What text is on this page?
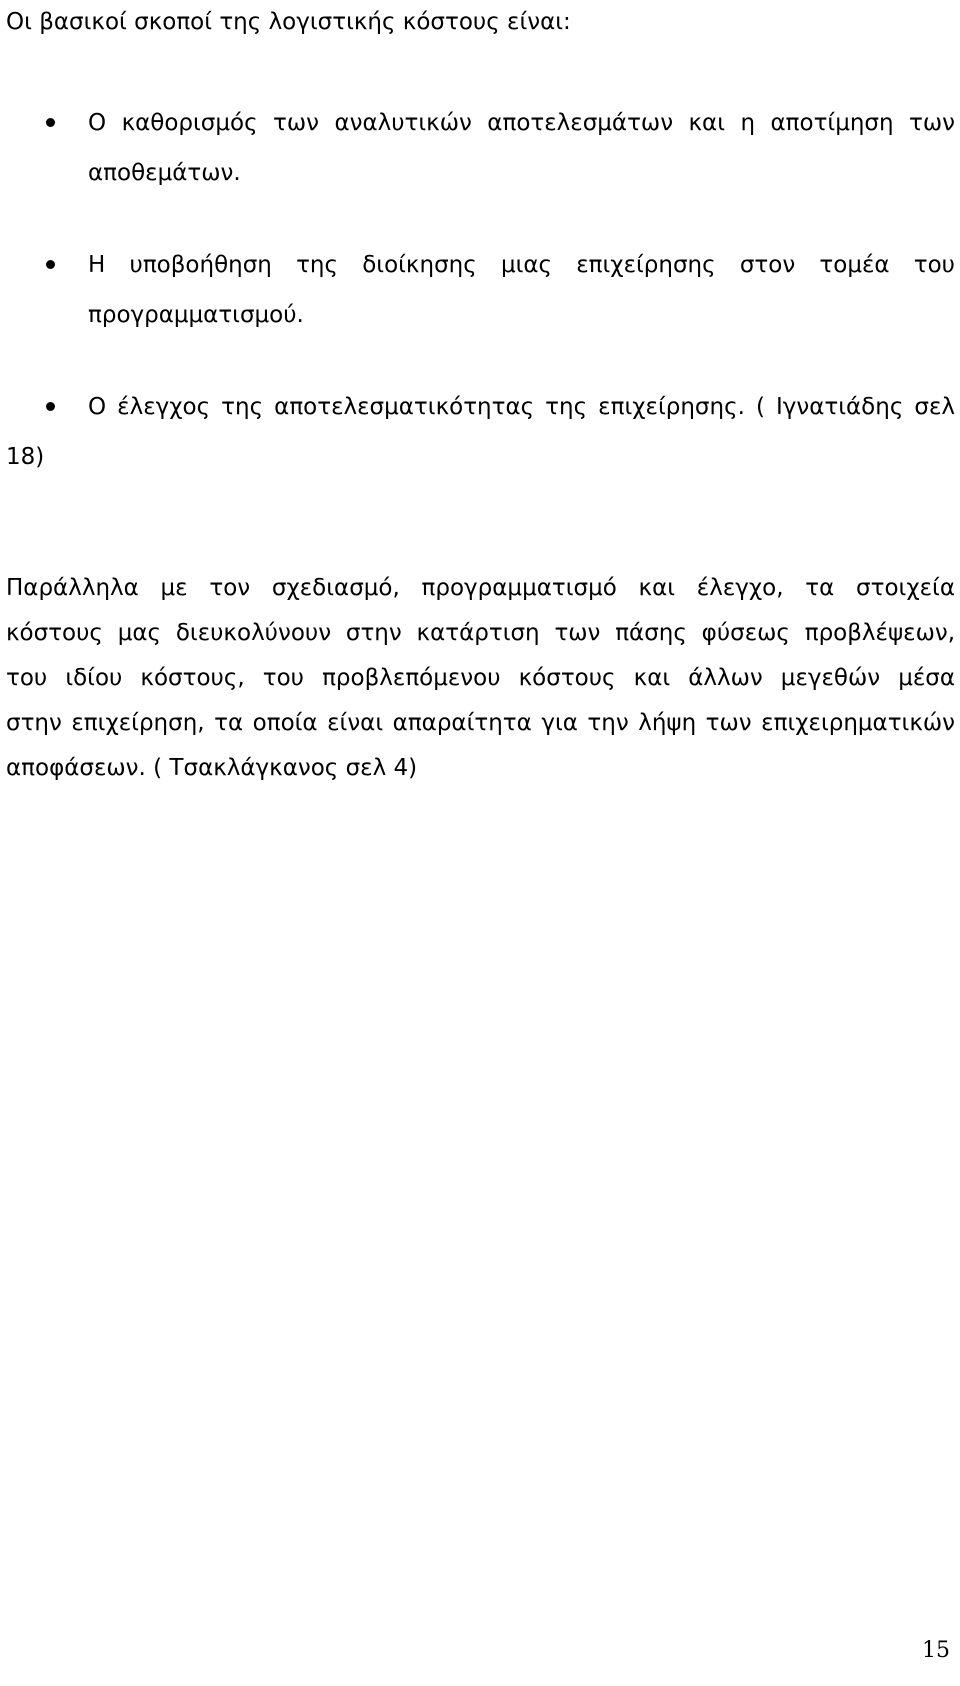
Οι βασικοί σκοποί της λογιστικής κόστους είναι:
Ο καθορισμός των αναλυτικών αποτελεσμάτων και η αποτίμηση των
αποθεμάτων.
Η υποβοήθηση της διοίκησης μιας επιχείρησης στον τομέα του
προγραμματισμού.
Ο έλεγχος της αποτελεσματικότητας της επιχείρησης. ( Ιγνατιάδης σελ
18)
Παράλληλα με τον σχεδιασμό, προγραμματισμό και έλεγχο, τα στοιχεία
κόστους μας διευκολύνουν στην κατάρτιση των πάσης φύσεως προβλέψεων,
του ιδίου κόστους, του προβλεπόμενου κόστους και άλλων μεγεθών μέσα
στην επιχείρηση, τα οποία είναι απαραίτητα για την λήψη των επιχειρηματικών
αποφάσεων. ( Τσακλάγκανος σελ 4)
15
